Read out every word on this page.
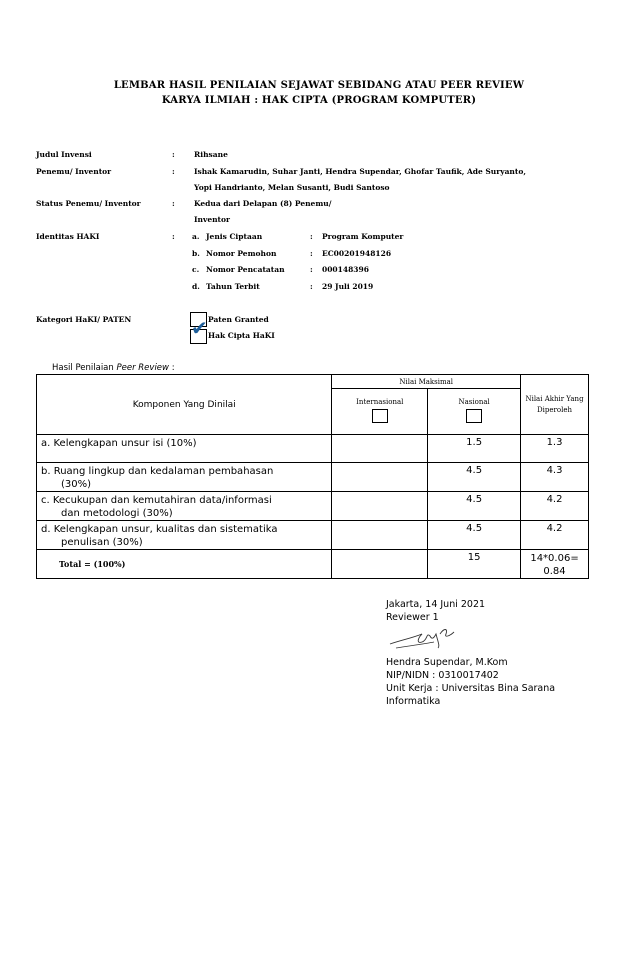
LEMBAR HASIL PENILAIAN SEJAWAT SEBIDANG ATAU PEER REVIEW
KARYA ILMIAH : HAK CIPTA (PROGRAM KOMPUTER)
Judul Invensi	:	Rihsane
Penemu/ Inventor	:	Ishak Kamarudin, Suhar Janti, Hendra Supendar, Ghofar Taufik, Ade Suryanto,
Yopi Handrianto, Melan Susanti, Budi Santoso
Status Penemu/ Inventor	:	Kedua dari Delapan (8) Penemu/
Inventor
Identitas HAKI	: a. Jenis Ciptaan	: Program Komputer
b. Nomor Pemohon	: EC00201948126
c. Nomor Pencatatan	: 000148396
d. Tahun Terbit	: 29 Juli 2019
Kategori HaKI/ PATEN	Paten Granted
✔ Hak Cipta HaKI
Hasil Penilaian Peer Review :
Komponen Yang Dinilai	Nilai Maksimal		Nilai Akhir Yang Diperoleh

	Internasional	Nasional	

a. Kelengkapan unsur isi (10%)		1.5	1.3
b. Ruang lingkup dan kedalaman pembahasan
(30%)		4.5	4.3
c. Kecukupan dan kemutahiran data/informasi
dan metodologi (30%)		4.5	4.2
d. Kelengkapan unsur, kualitas dan sistematika
penulisan (30%)		4.5	4.2
Total = (100%)		15	14*0.06=
0.84
Jakarta, 14 Juni 2021
Reviewer 1
Hendra Supendar, M.Kom
NIP/NIDN : 0310017402
Unit Kerja : Universitas Bina Sarana
Informatika
